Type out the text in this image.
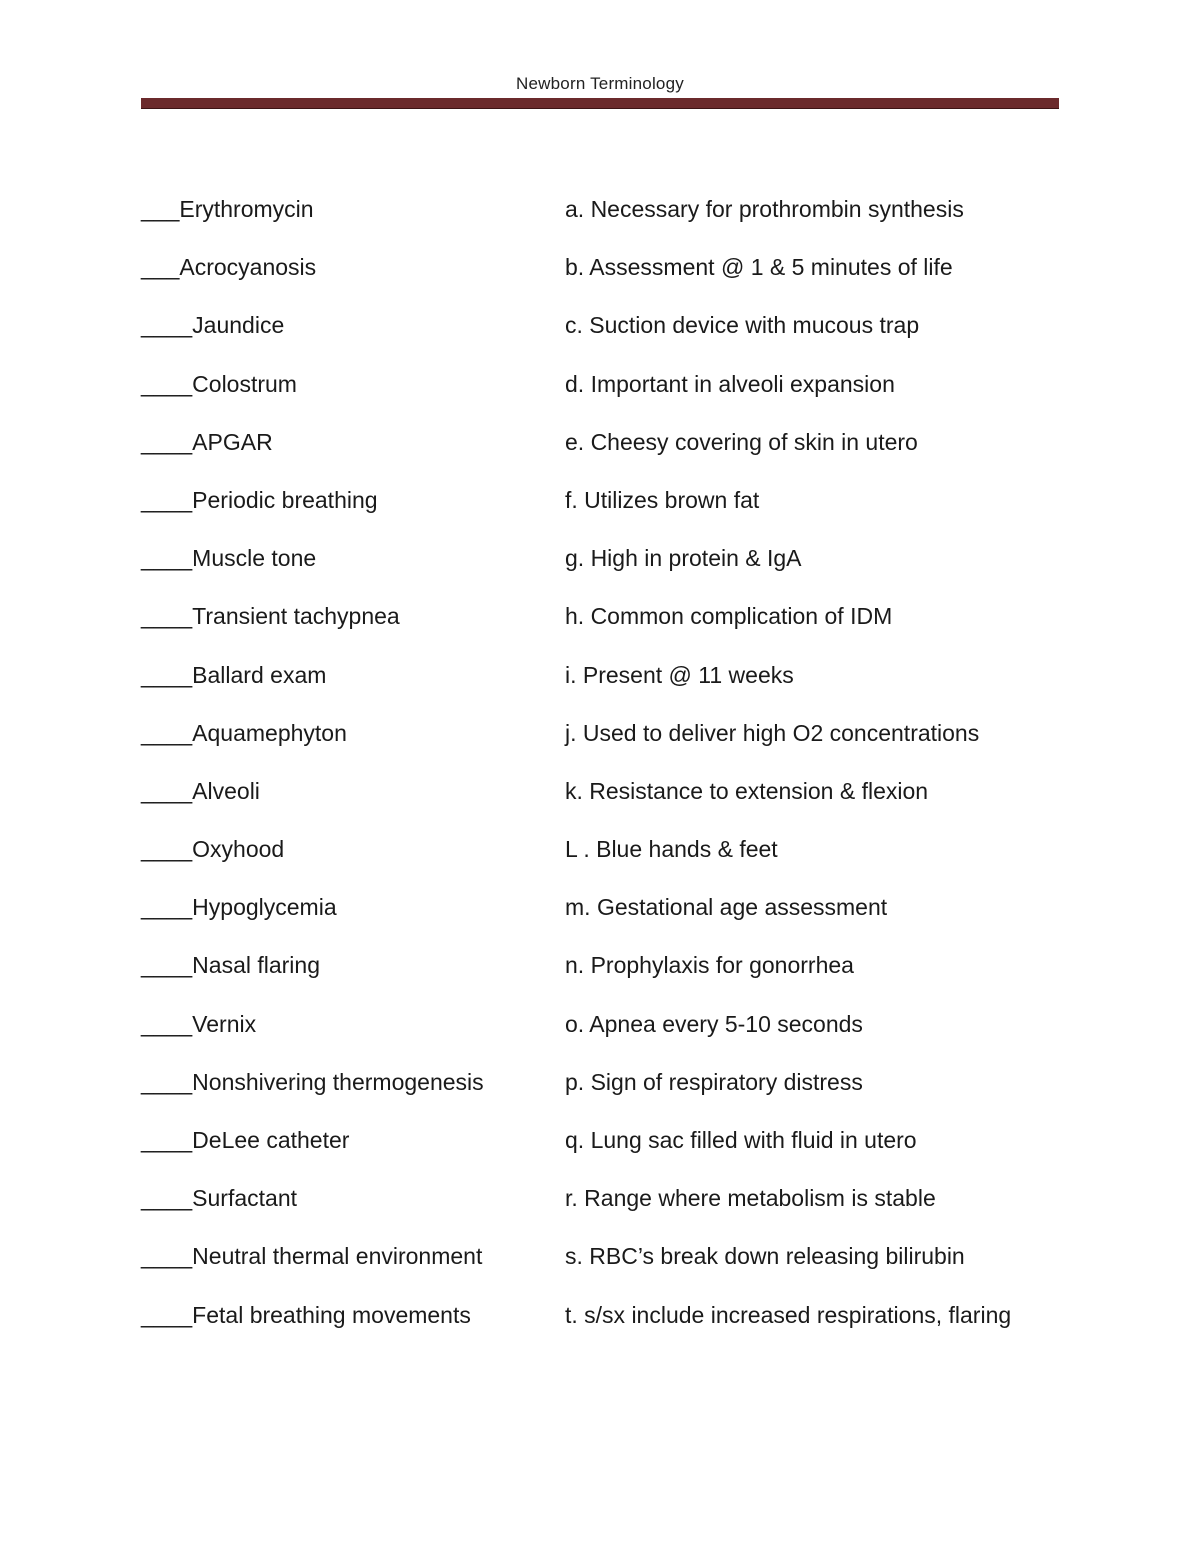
Newborn Terminology
___Erythromycin	a. Necessary for prothrombin synthesis
___Acrocyanosis	b. Assessment @ 1 & 5 minutes of life
____Jaundice	c. Suction device with mucous trap
____Colostrum	d. Important in alveoli expansion
____APGAR	e. Cheesy covering of skin in utero
____Periodic breathing	f. Utilizes brown fat
____Muscle tone	g. High in protein & IgA
____Transient tachypnea	h. Common complication of IDM
____Ballard exam	i. Present @ 11 weeks
____Aquamephyton	j. Used to deliver high O2 concentrations
____Alveoli	k. Resistance to extension & flexion
____Oxyhood	L . Blue hands & feet
____Hypoglycemia	m. Gestational age assessment
____Nasal flaring	n. Prophylaxis for gonorrhea
____Vernix	o. Apnea every 5-10 seconds
____Nonshivering thermogenesis	p. Sign of respiratory distress
____DeLee catheter	q. Lung sac filled with fluid in utero
____Surfactant	r. Range where metabolism is stable
____Neutral thermal environment	s. RBC’s break down releasing bilirubin
____Fetal breathing movements	t. s/sx include increased respirations, flaring
